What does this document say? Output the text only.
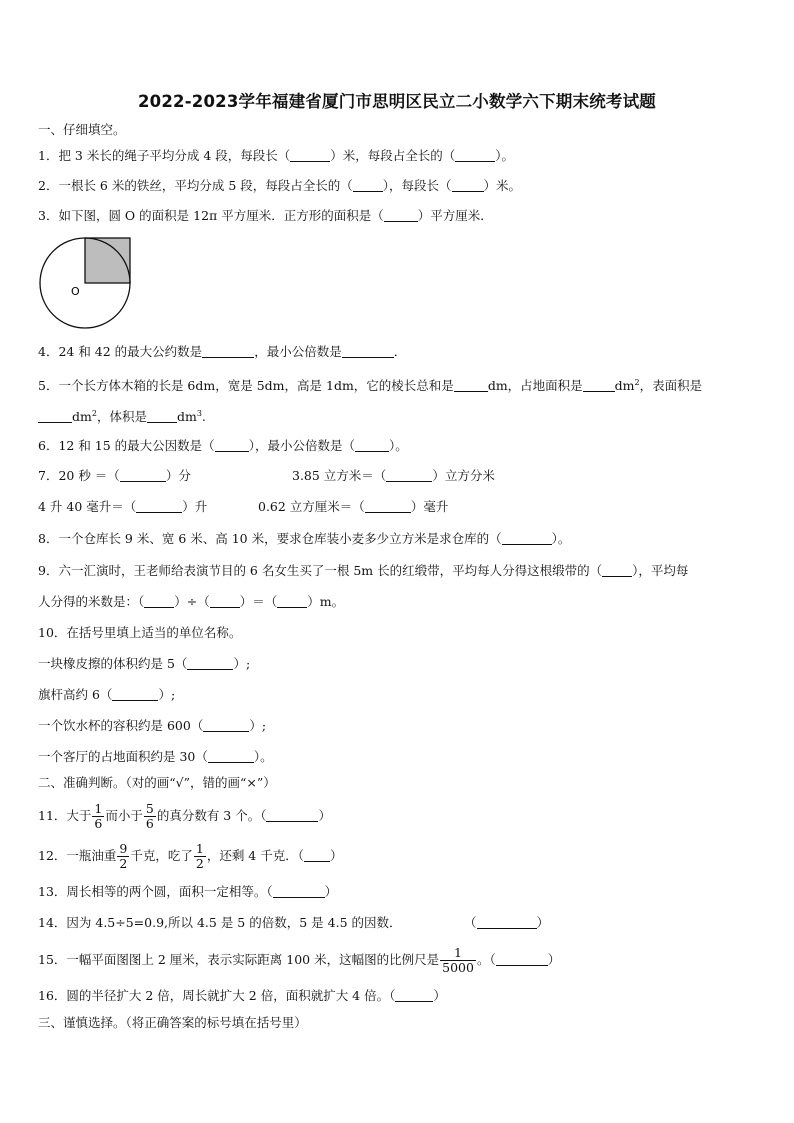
2022-2023学年福建省厦门市思明区民立二小数学六下期末统考试题
一、仔细填空。
1．把 3 米长的绳子平均分成 4 段，每段长（	）米，每段占全长的（	）。
2．一根长 6 米的铁丝，平均分成 5 段，每段占全长的（ ），每段长（	）米。
3．如下图，圆 O 的面积是 12π 平方厘米．正方形的面积是（	）平方厘米．
O
4．24 和 42 的最大公约数是	，最小公倍数是	．
5．一个长方体木箱的长是 6dm，宽是 5dm，高是 1dm，它的棱长总和是	dm，占地面积是	$dm^2$，表面积是
$dm^2$，体积是 $dm^3$.
6．12 和 15 的最大公因数是（	），最小公倍数是（	）。
7．20 秒 ＝（	）分	3.85 立方米＝（	）立方分米
4 升 40 毫升＝（	）升	0.62 立方厘米＝（	）毫升
8．一个仓库长 9 米、宽 6 米、高 10 米，要求仓库装小麦多少立方米是求仓库的（	）。
9．六一汇演时，王老师给表演节目的 6 名女生买了一根 5m 长的红缎带，平均每人分得这根缎带的（ ），平均每
人分得的米数是：（ ）÷（ ）＝（ ）m。
10．在括号里填上适当的单位名称。
一块橡皮擦的体积约是 5（	）;
旗杆高约 6（	）;
一个饮水杯的容积约是 600（	）;
一个客厅的占地面积约是 30（	）。
二、准确判断。（对的画“√”，错的画“×”）
11．大于 $\frac{1}{6}$ 而小于 $\frac{5}{6}$ 的真分数有 3 个。（	）
12．一瓶油重 $\frac{9}{2}$ 千克，吃了 $\frac{1}{2}$ ，还剩 4 千克．（ ）
13．周长相等的两个圆，面积一定相等。（	）
14．因为 4.5÷5=0.9,所以 4.5 是 5 的倍数，5 是 4.5 的因数．	（	）
15．一幅平面图图上 2 厘米，表示实际距离 100 米，这幅图的比例尺是 $\frac{1}{5000}$ 。（	）
16．圆的半径扩大 2 倍，周长就扩大 2 倍，面积就扩大 4 倍。（	）
三、谨慎选择。（将正确答案的标号填在括号里）
